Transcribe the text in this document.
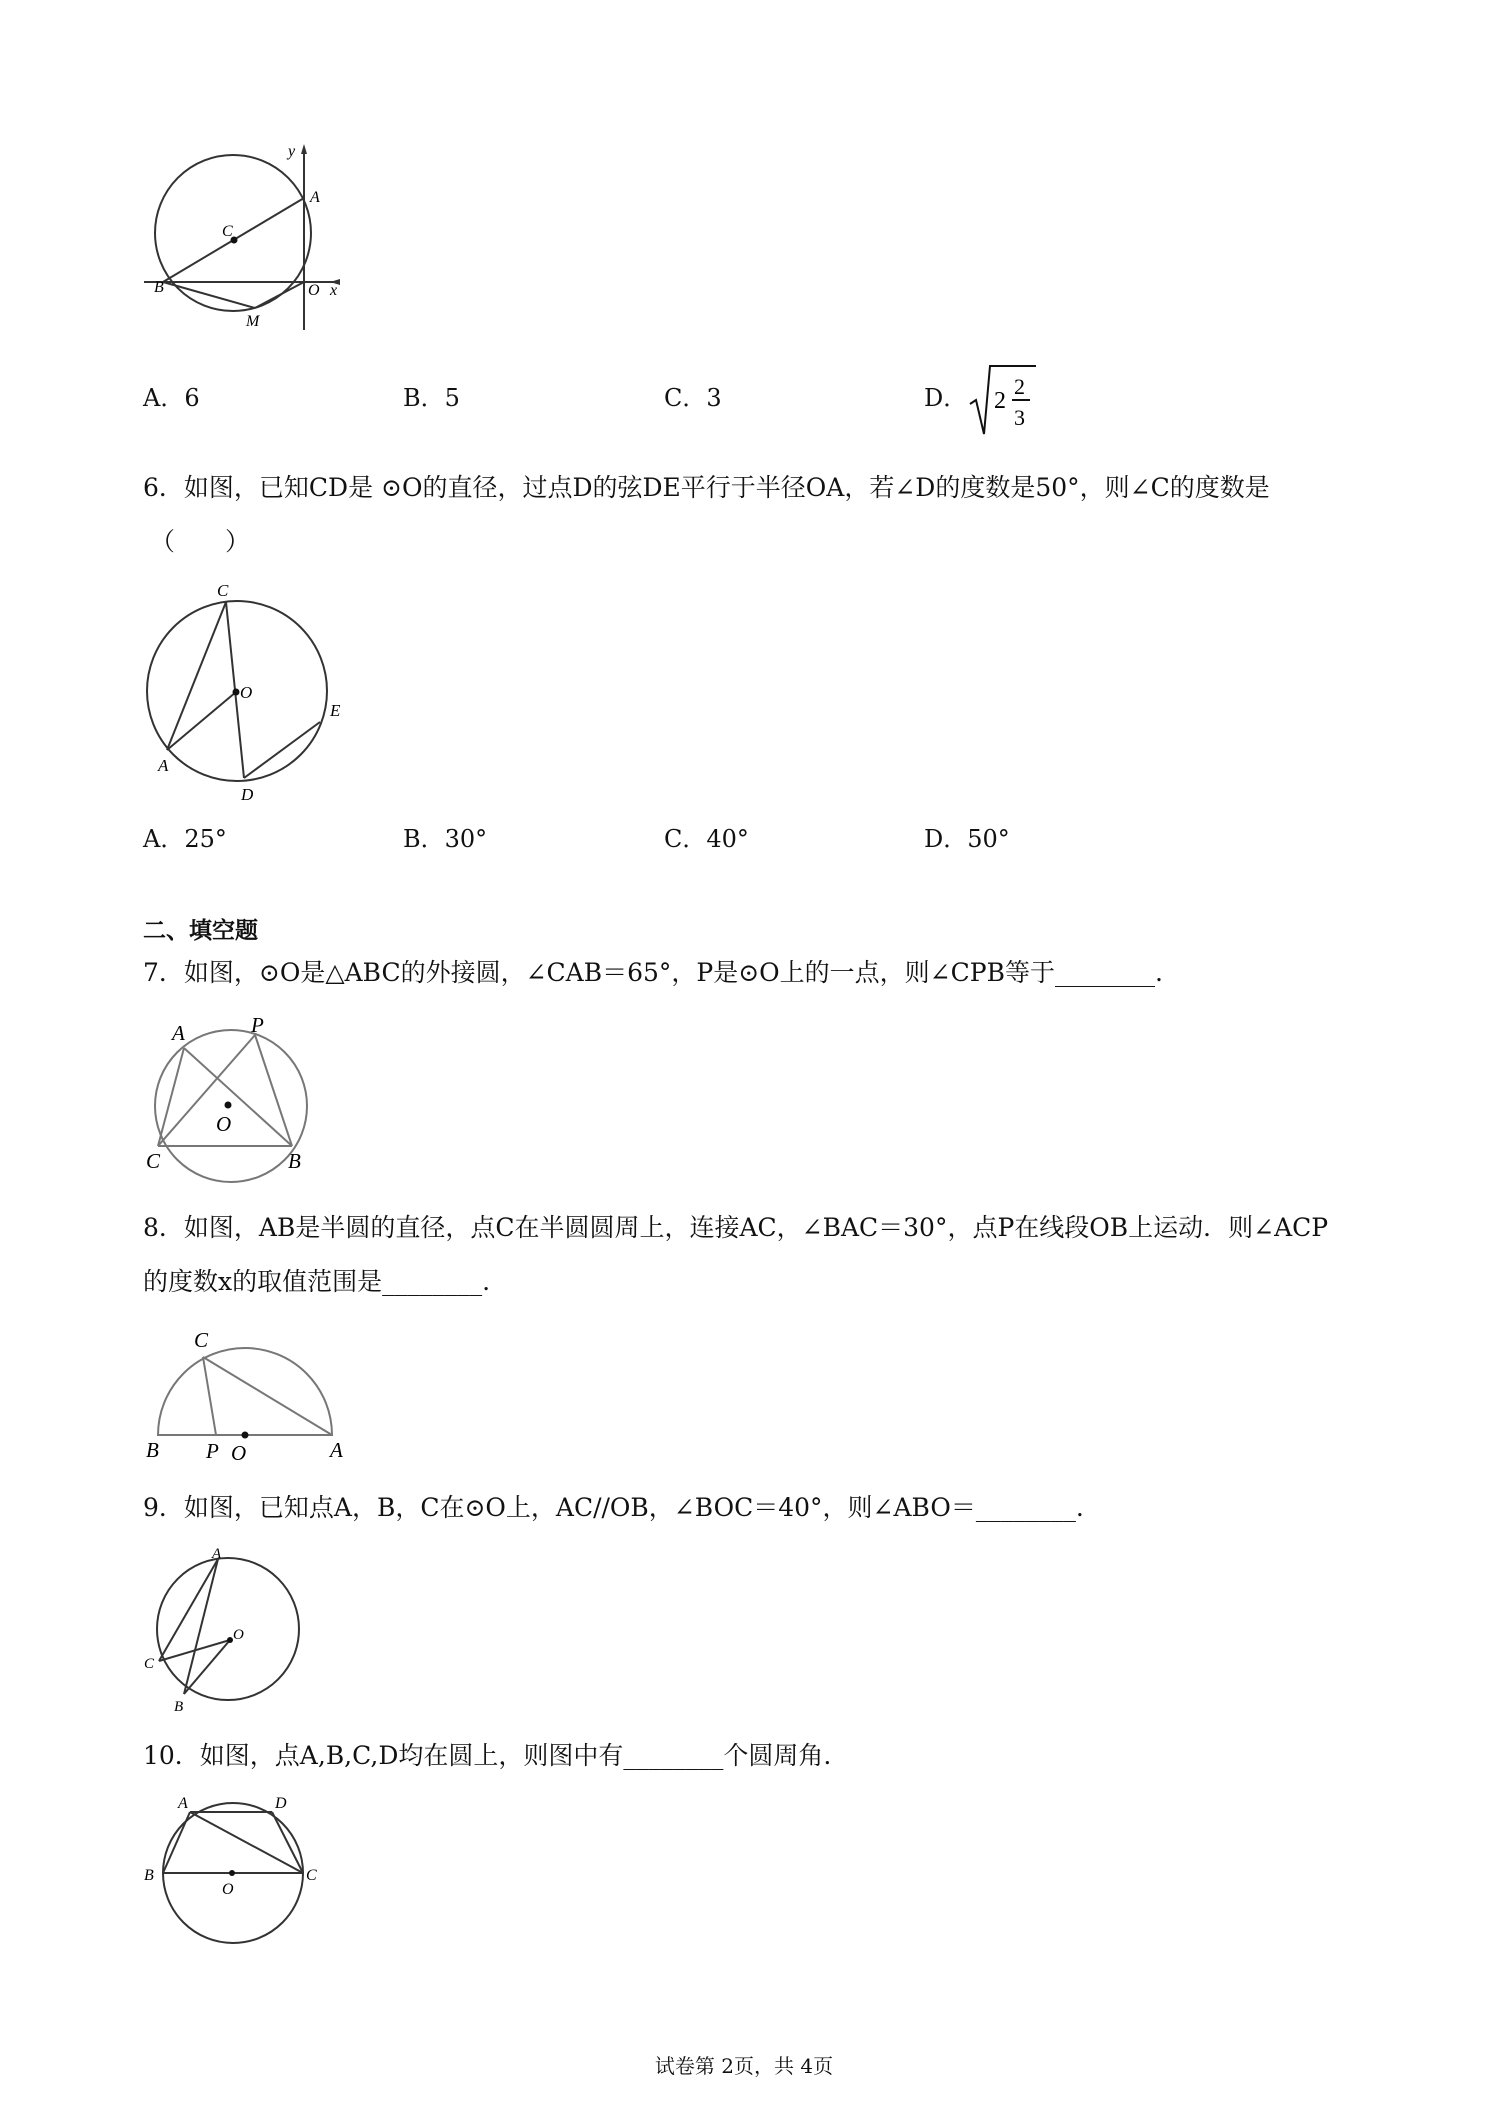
y
A
C
B	O x
M
A．6	B．5	C．3	D． 2
2
3
6．如图，已知CD是 ⊙O的直径，过点D的弦DE平行于半径OA，若∠D的度数是50°，则∠C的度数是
（　　）
C
O
E
A
D
A．25°	B．30°	C．40°	D．50°
二、填空题
7．如图，⊙O是△ABC的外接圆，∠CAB＝65°，P是⊙O上的一点，则∠CPB等于________.
A	P
O
C	B
8．如图，AB是半圆的直径，点C在半圆圆周上，连接AC，∠BAC＝30°，点P在线段OB上运动．则∠ACP
的度数x的取值范围是________.
C
B P O	A
9．如图，已知点A，B，C在⊙O上，AC//OB，∠BOC＝40°，则∠ABO＝________.
A
C
O
B
10．如图，点A,B,C,D均在圆上，则图中有________个圆周角.
A	D
B
O
C
试卷第 2页，共 4页
